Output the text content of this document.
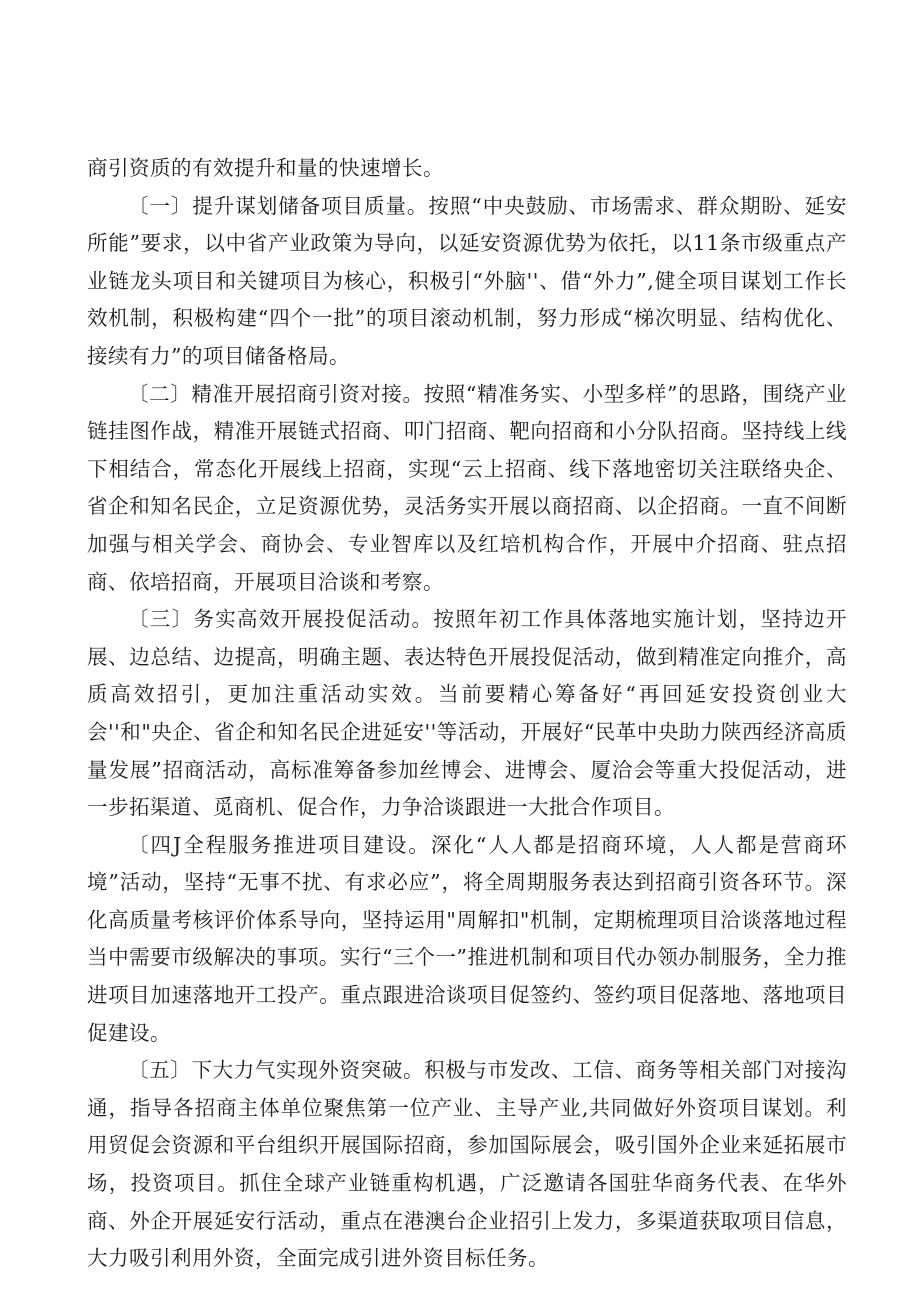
商引资质的有效提升和量的快速增长。

〔一〕提升谋划储备项目质量。按照“中央鼓励、市场需求、群众期盼、延安所能”要求，以中省产业政策为导向，以延安资源优势为依托，以11条市级重点产业链龙头项目和关键项目为核心，积极引“外脑''、借“外力”,健全项目谋划工作长效机制，积极构建“四个一批”的项目滚动机制，努力形成“梯次明显、结构优化、接续有力”的项目储备格局。

〔二〕精准开展招商引资对接。按照“精准务实、小型多样”的思路，围绕产业链挂图作战，精准开展链式招商、叩门招商、靶向招商和小分队招商。坚持线上线下相结合，常态化开展线上招商，实现“云上招商、线下落地密切关注联络央企、省企和知名民企，立足资源优势，灵活务实开展以商招商、以企招商。一直不间断加强与相关学会、商协会、专业智库以及红培机构合作，开展中介招商、驻点招商、依培招商，开展项目洽谈和考察。

〔三〕务实高效开展投促活动。按照年初工作具体落地实施计划，坚持边开展、边总结、边提高，明确主题、表达特色开展投促活动，做到精准定向推介，高质高效招引，更加注重活动实效。当前要精心筹备好“再回延安投资创业大会''和"央企、省企和知名民企进延安''等活动，开展好“民革中央助力陕西经济高质量发展”招商活动，高标准筹备参加丝博会、进博会、厦洽会等重大投促活动，进一步拓渠道、觅商机、促合作，力争洽谈跟进一大批合作项目。

〔四J全程服务推进项目建设。深化“人人都是招商环境，人人都是营商环境”活动，坚持“无事不扰、有求必应”，将全周期服务表达到招商引资各环节。深化高质量考核评价体系导向，坚持运用"周解扣"机制，定期梳理项目洽谈落地过程当中需要市级解决的事项。实行“三个一”推进机制和项目代办领办制服务，全力推进项目加速落地开工投产。重点跟进洽谈项目促签约、签约项目促落地、落地项目促建设。

〔五〕下大力气实现外资突破。积极与市发改、工信、商务等相关部门对接沟通，指导各招商主体单位聚焦第一位产业、主导产业,共同做好外资项目谋划。利用贸促会资源和平台组织开展国际招商，参加国际展会，吸引国外企业来延拓展市场，投资项目。抓住全球产业链重构机遇，广泛邀请各国驻华商务代表、在华外商、外企开展延安行活动，重点在港澳台企业招引上发力，多渠道获取项目信息，大力吸引利用外资，全面完成引进外资目标任务。
